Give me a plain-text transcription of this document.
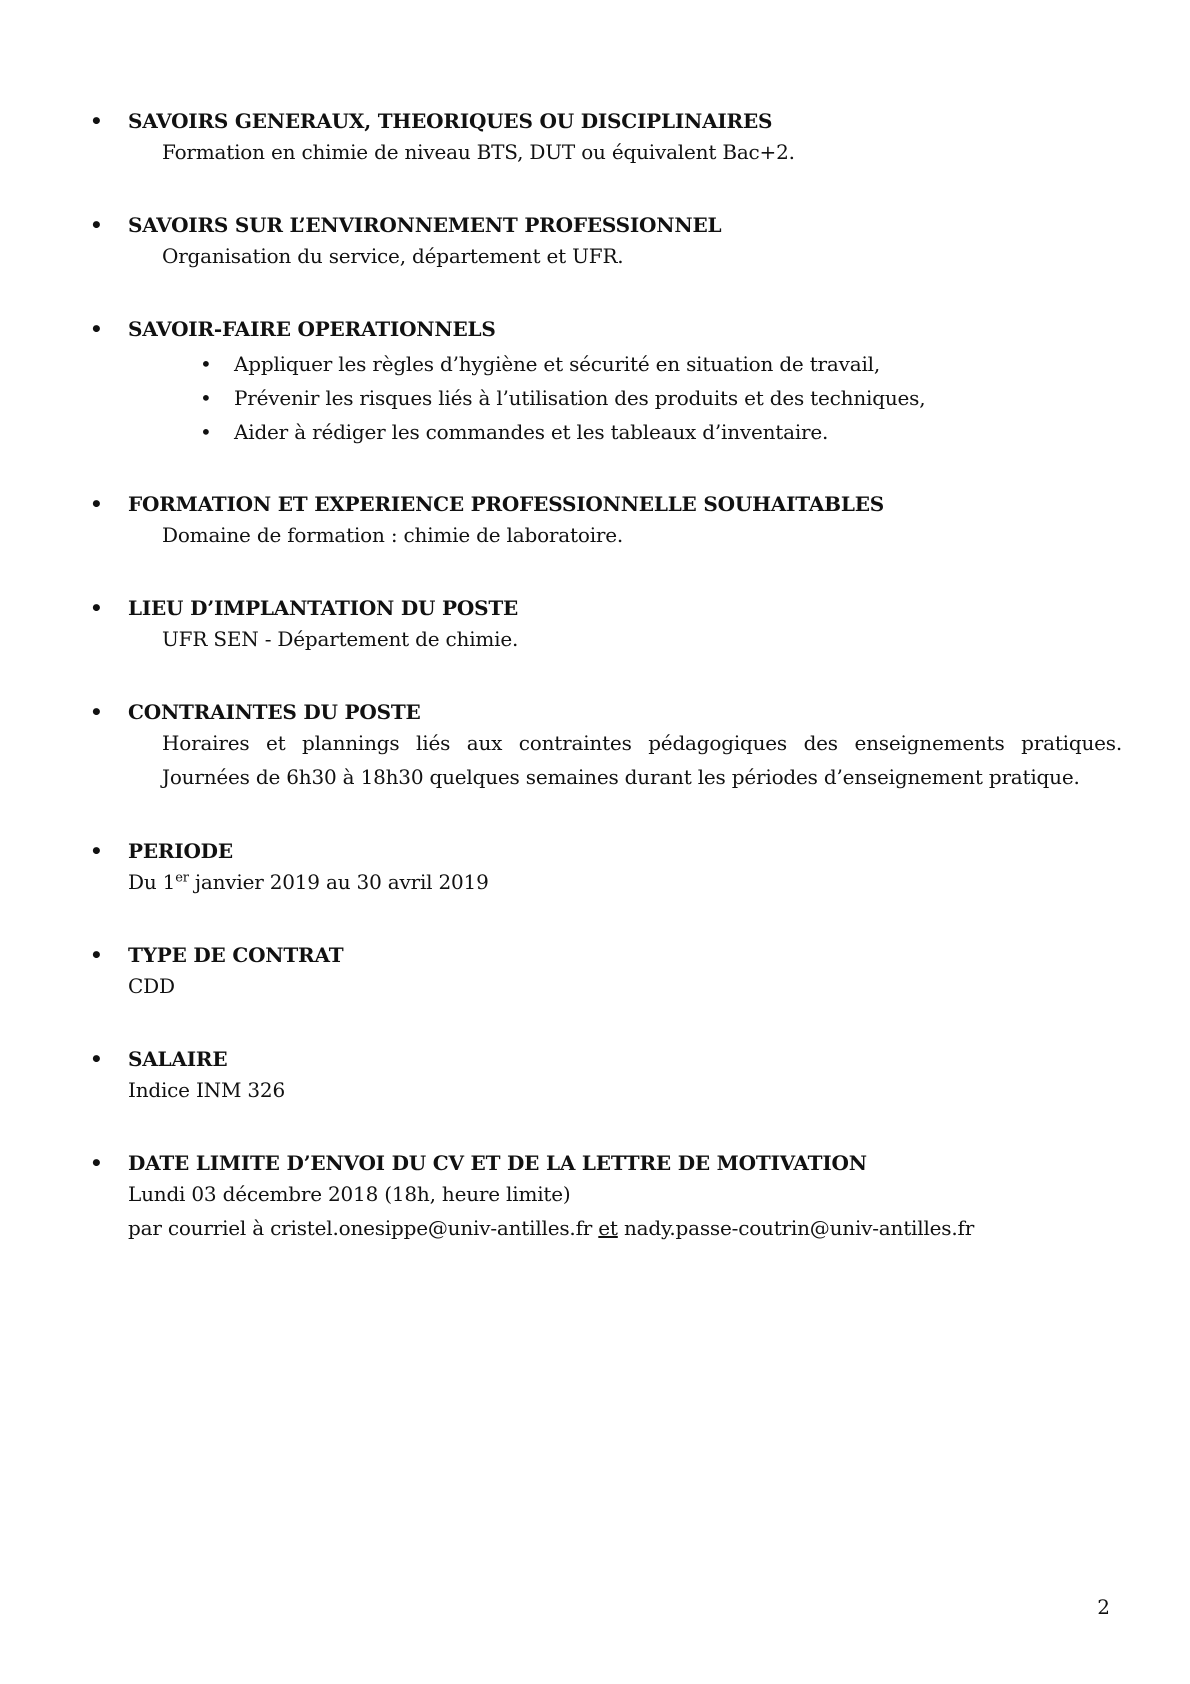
• SAVOIRS GENERAUX, THEORIQUES OU DISCIPLINAIRES
Formation en chimie de niveau BTS, DUT ou équivalent Bac+2.
• SAVOIRS SUR L’ENVIRONNEMENT PROFESSIONNEL
Organisation du service, département et UFR.
• SAVOIR-FAIRE OPERATIONNELS
• Appliquer les règles d’hygiène et sécurité en situation de travail,
• Prévenir les risques liés à l’utilisation des produits et des techniques,
• Aider à rédiger les commandes et les tableaux d’inventaire.
• FORMATION ET EXPERIENCE PROFESSIONNELLE SOUHAITABLES
Domaine de formation : chimie de laboratoire.
• LIEU D’IMPLANTATION DU POSTE
UFR SEN - Département de chimie.
• CONTRAINTES DU POSTE
Horaires et plannings liés aux contraintes pédagogiques des enseignements pratiques. Journées de 6h30 à 18h30 quelques semaines durant les périodes d’enseignement pratique.
• PERIODE
Du 1er janvier 2019 au 30 avril 2019
• TYPE DE CONTRAT
CDD
• SALAIRE
Indice INM 326
• DATE LIMITE D’ENVOI DU CV ET DE LA LETTRE DE MOTIVATION
Lundi 03 décembre 2018 (18h, heure limite)
par courriel à cristel.onesippe@univ-antilles.fr et nady.passe-coutrin@univ-antilles.fr
2
